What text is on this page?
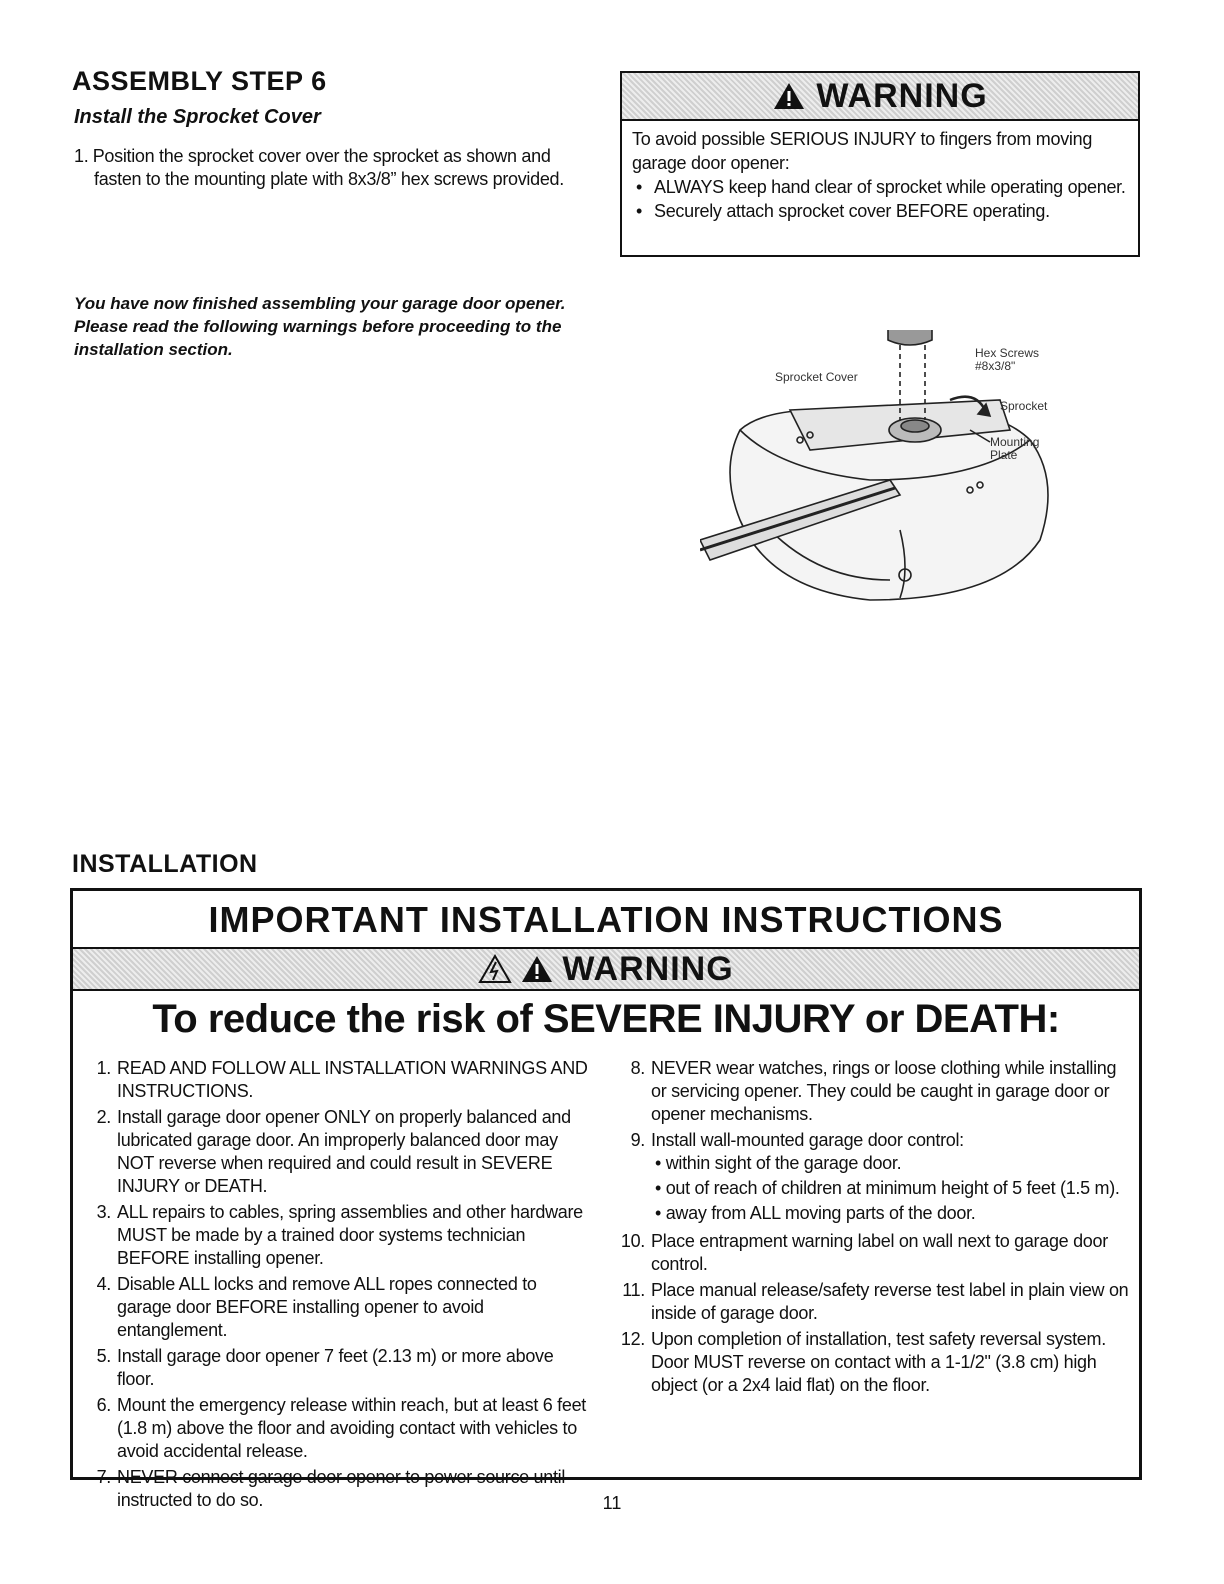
ASSEMBLY STEP 6
Install the Sprocket Cover
1. Position the sprocket cover over the sprocket as shown and
fasten to the mounting plate with 8x3/8” hex screws provided.
You have now finished assembling your garage door opener. Please read the following warnings before proceeding to the installation section.
WARNING
To avoid possible SERIOUS INJURY to fingers from moving garage door opener:
• ALWAYS keep hand clear of sprocket while operating opener.
• Securely attach sprocket cover BEFORE operating.
Hex Screws
#8x3/8"
Sprocket Cover
Sprocket
Mounting
Plate
INSTALLATION
IMPORTANT INSTALLATION INSTRUCTIONS
WARNING
To reduce the risk of SEVERE INJURY or DEATH:
1. READ AND FOLLOW ALL INSTALLATION WARNINGS AND INSTRUCTIONS.
2. Install garage door opener ONLY on properly balanced and lubricated garage door. An improperly balanced door may NOT reverse when required and could result in SEVERE INJURY or DEATH.
3. ALL repairs to cables, spring assemblies and other hardware MUST be made by a trained door systems technician BEFORE installing opener.
4. Disable ALL locks and remove ALL ropes connected to garage door BEFORE installing opener to avoid entanglement.
5. Install garage door opener 7 feet (2.13 m) or more above floor.
6. Mount the emergency release within reach, but at least 6 feet (1.8 m) above the floor and avoiding contact with vehicles to avoid accidental release.
7. NEVER connect garage door opener to power source until instructed to do so.
8. NEVER wear watches, rings or loose clothing while installing or servicing opener. They could be caught in garage door or opener mechanisms.
9. Install wall-mounted garage door control:
• within sight of the garage door.
• out of reach of children at minimum height of 5 feet (1.5 m).
• away from ALL moving parts of the door.
10. Place entrapment warning label on wall next to garage door control.
11. Place manual release/safety reverse test label in plain view on inside of garage door.
12. Upon completion of installation, test safety reversal system. Door MUST reverse on contact with a 1-1/2" (3.8 cm) high object (or a 2x4 laid flat) on the floor.
11
